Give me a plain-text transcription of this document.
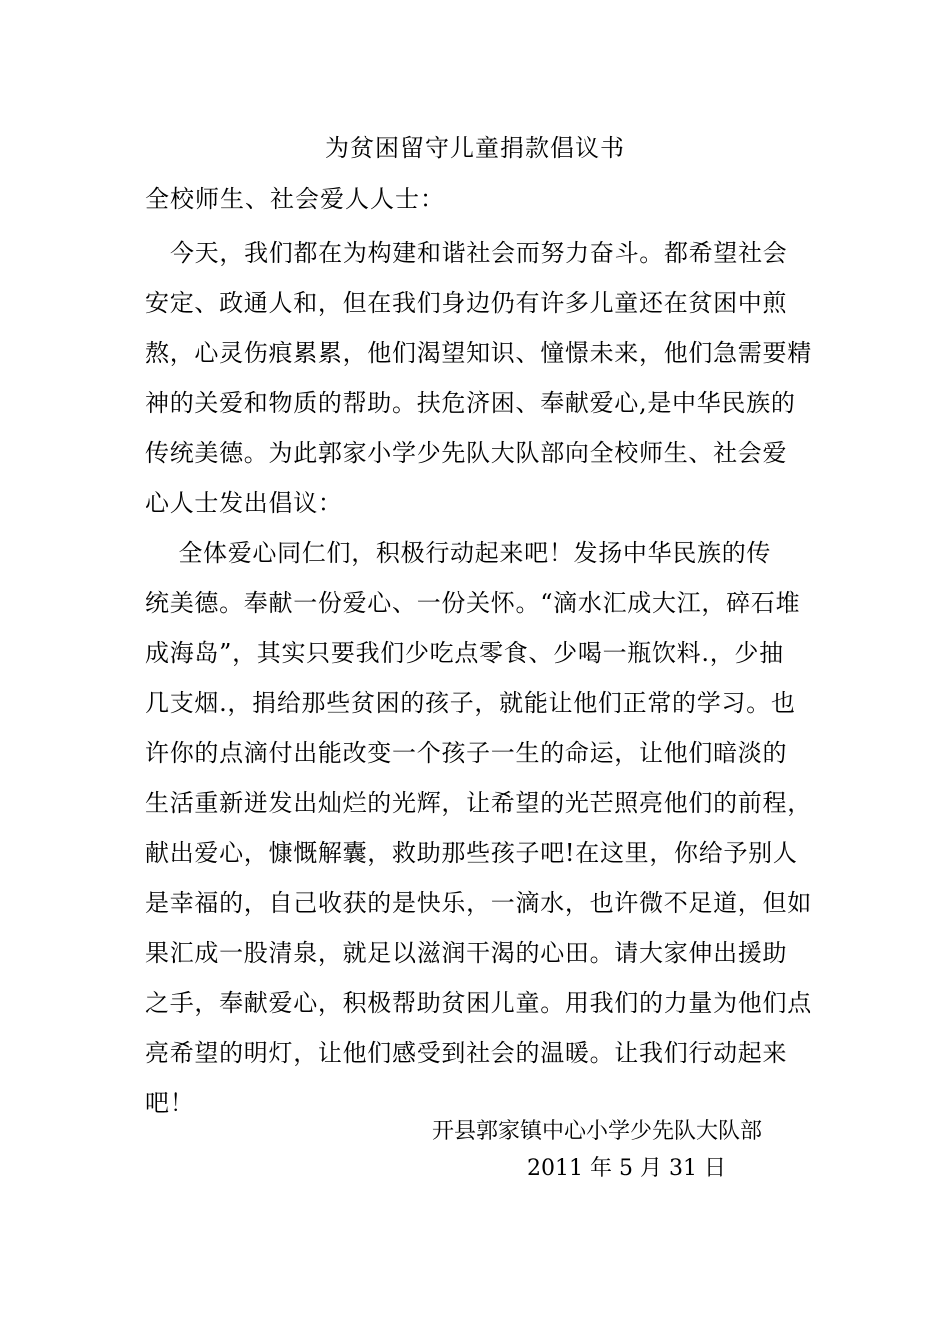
为贫困留守儿童捐款倡议书
全校师生、社会爱人人士：
今天，我们都在为构建和谐社会而努力奋斗。都希望社会
安定、政通人和，但在我们身边仍有许多儿童还在贫困中煎
熬，心灵伤痕累累，他们渴望知识、憧憬未来，他们急需要精
神的关爱和物质的帮助。扶危济困、奉献爱心,是中华民族的
传统美德。为此郭家小学少先队大队部向全校师生、社会爱
心人士发出倡议：
全体爱心同仁们，积极行动起来吧！发扬中华民族的传
统美德。奉献一份爱心、一份关怀。“滴水汇成大江，碎石堆
成海岛”，其实只要我们少吃点零食、少喝一瓶饮料.，少抽
几支烟.，捐给那些贫困的孩子，就能让他们正常的学习。也
许你的点滴付出能改变一个孩子一生的命运，让他们暗淡的
生活重新迸发出灿烂的光辉，让希望的光芒照亮他们的前程，
献出爱心，慷慨解囊，救助那些孩子吧!在这里，你给予别人
是幸福的，自己收获的是快乐，一滴水，也许微不足道，但如
果汇成一股清泉，就足以滋润干渴的心田。请大家伸出援助
之手，奉献爱心，积极帮助贫困儿童。用我们的力量为他们点
亮希望的明灯，让他们感受到社会的温暖。让我们行动起来
吧！
开县郭家镇中心小学少先队大队部
2011 年 5 月 31 日
